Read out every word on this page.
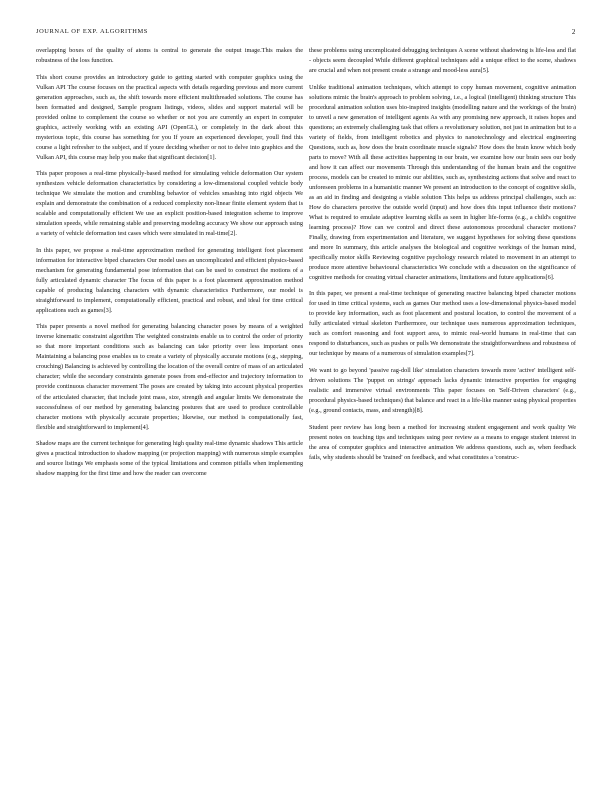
JOURNAL OF EXP. ALGORITHMS	2

overlapping boxes of the quality of atoms is central to generate the output image.This makes the robustness of the loss function.

This short course provides an introductory guide to getting started with computer graphics using the Vulkan API The course focuses on the practical aspects with details regarding previous and more current generation approaches, such as, the shift towards more efficient multithreaded solutions. The course has been formatted and designed, Sample program listings, videos, slides and support material will be provided online to complement the course so whether or not you are currently an expert in computer graphics, actively working with an existing API (OpenGL), or completely in the dark about this mysterious topic, this course has something for you If youre an experienced developer, youll find this course a light refresher to the subject, and if youre deciding whether or not to delve into graphics and the Vulkan API, this course may help you make that significant decision[1].

This paper proposes a real-time physically-based method for simulating vehicle deformation Our system synthesizes vehicle deformation characteristics by considering a low-dimensional coupled vehicle body technique We simulate the motion and crumbling behavior of vehicles smashing into rigid objects We explain and demonstrate the combination of a reduced complexity non-linear finite element system that is scalable and computationally efficient We use an explicit position-based integration scheme to improve simulation speeds, while remaining stable and preserving modeling accuracy We show our approach using a variety of vehicle deformation test cases which were simulated in real-time[2].

In this paper, we propose a real-time approximation method for generating intelligent foot placement information for interactive biped characters Our model uses an uncomplicated and efficient physics-based mechanism for generating fundamental pose information that can be used to construct the motions of a fully articulated dynamic character The focus of this paper is a foot placement approximation method capable of producing balancing characters with dynamic characteristics Furthermore, our model is straightforward to implement, computationally efficient, practical and robust, and ideal for time critical applications such as games[3].

This paper presents a novel method for generating balancing character poses by means of a weighted inverse kinematic constraint algorithm The weighted constraints enable us to control the order of priority so that more important conditions such as balancing can take priority over less important ones Maintaining a balancing pose enables us to create a variety of physically accurate motions (e.g., stepping, crouching) Balancing is achieved by controlling the location of the overall centre of mass of an articulated character; while the secondary constraints generate poses from end-effector and trajectory information to provide continuous character movement The poses are created by taking into account physical properties of the articulated character, that include joint mass, size, strength and angular limits We demonstrate the successfulness of our method by generating balancing postures that are used to produce controllable character motions with physically accurate properties; likewise, our method is computationally fast, flexible and straightforward to implement[4].

Shadow maps are the current technique for generating high quality real-time dynamic shadows This article gives a practical introduction to shadow mapping (or projection mapping) with numerous simple examples and source listings We emphasis some of the typical limitations and common pitfalls when implementing shadow mapping for the first time and how the reader can overcome

these problems using uncomplicated debugging techniques A scene without shadowing is life-less and flat - objects seem decoupled While different graphical techniques add a unique effect to the scene, shadows are crucial and when not present create a strange and mood-less aura[5].

Unlike traditional animation techniques, which attempt to copy human movement, cognitive animation solutions mimic the brain's approach to problem solving, i.e., a logical (intelligent) thinking structure This procedural animation solution uses bio-inspired insights (modelling nature and the workings of the brain) to unveil a new generation of intelligent agents As with any promising new approach, it raises hopes and questions; an extremely challenging task that offers a revolutionary solution, not just in animation but to a variety of fields, from intelligent robotics and physics to nanotechnology and electrical engineering Questions, such as, how does the brain coordinate muscle signals? How does the brain know which body parts to move? With all these activities happening in our brain, we examine how our brain sees our body and how it can affect our movements Through this understanding of the human brain and the cognitive process, models can be created to mimic our abilities, such as, synthesizing actions that solve and react to unforeseen problems in a humanistic manner We present an introduction to the concept of cognitive skills, as an aid in finding and designing a viable solution This helps us address principal challenges, such as: How do characters perceive the outside world (input) and how does this input influence their motions? What is required to emulate adaptive learning skills as seen in higher life-forms (e.g., a child's cognitive learning process)? How can we control and direct these autonomous procedural character motions? Finally, drawing from experimentation and literature, we suggest hypotheses for solving these questions and more In summary, this article analyses the biological and cognitive workings of the human mind, specifically motor skills Reviewing cognitive psychology research related to movement in an attempt to produce more attentive behavioural characteristics We conclude with a discussion on the significance of cognitive methods for creating virtual character animations, limitations and future applications[6].

In this paper, we present a real-time technique of generating reactive balancing biped character motions for used in time critical systems, such as games Our method uses a low-dimensional physics-based model to provide key information, such as foot placement and postural location, to control the movement of a fully articulated virtual skeleton Furthermore, our technique uses numerous approximation techniques, such as comfort reasoning and foot support area, to mimic real-world humans in real-time that can respond to disturbances, such as pushes or pulls We demonstrate the straightforwardness and robustness of our technique by means of a numerous of simulation examples[7].

We want to go beyond 'passive rag-doll like' simulation characters towards more 'active' intelligent self-driven solutions The 'puppet on strings' approach lacks dynamic interactive properties for engaging realistic and immersive virtual environments This paper focuses on 'Self-Driven characters' (e.g., procedural physics-based techniques) that balance and react in a life-like manner using physical properties (e.g., ground contacts, mass, and strength)[8].

Student peer review has long been a method for increasing student engagement and work quality We present notes on teaching tips and techniques using peer review as a means to engage student interest in the area of computer graphics and interactive animation We address questions, such as, when feedback fails, why students should be 'trained' on feedback, and what constitutes a 'construc-
